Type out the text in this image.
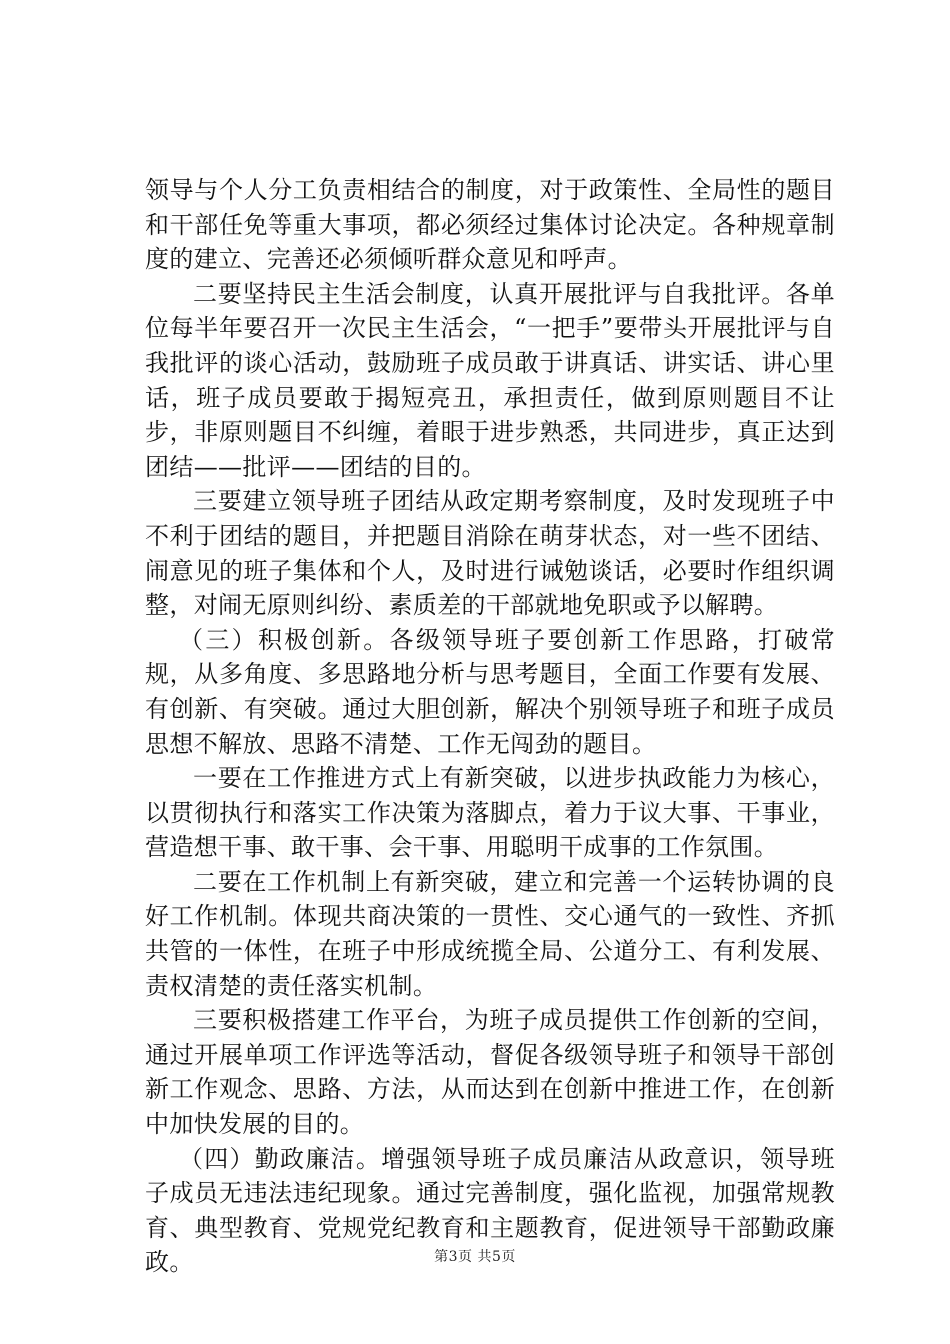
领导与个人分工负责相结合的制度，对于政策性、全局性的题目和干部任免等重大事项，都必须经过集体讨论决定。各种规章制度的建立、完善还必须倾听群众意见和呼声。

二要坚持民主生活会制度，认真开展批评与自我批评。各单位每半年要召开一次民主生活会，“一把手”要带头开展批评与自我批评的谈心活动，鼓励班子成员敢于讲真话、讲实话、讲心里话，班子成员要敢于揭短亮丑，承担责任，做到原则题目不让步，非原则题目不纠缠，着眼于进步熟悉，共同进步，真正达到团结——批评——团结的目的。

三要建立领导班子团结从政定期考察制度，及时发现班子中不利于团结的题目，并把题目消除在萌芽状态，对一些不团结、闹意见的班子集体和个人，及时进行诫勉谈话，必要时作组织调整，对闹无原则纠纷、素质差的干部就地免职或予以解聘。

（三）积极创新。各级领导班子要创新工作思路，打破常规，从多角度、多思路地分析与思考题目，全面工作要有发展、有创新、有突破。通过大胆创新，解决个别领导班子和班子成员思想不解放、思路不清楚、工作无闯劲的题目。

一要在工作推进方式上有新突破，以进步执政能力为核心，以贯彻执行和落实工作决策为落脚点，着力于议大事、干事业，营造想干事、敢干事、会干事、用聪明干成事的工作氛围。

二要在工作机制上有新突破，建立和完善一个运转协调的良好工作机制。体现共商决策的一贯性、交心通气的一致性、齐抓共管的一体性，在班子中形成统揽全局、公道分工、有利发展、责权清楚的责任落实机制。

三要积极搭建工作平台，为班子成员提供工作创新的空间，通过开展单项工作评选等活动，督促各级领导班子和领导干部创新工作观念、思路、方法，从而达到在创新中推进工作，在创新中加快发展的目的。

（四）勤政廉洁。增强领导班子成员廉洁从政意识，领导班子成员无违法违纪现象。通过完善制度，强化监视，加强常规教育、典型教育、党规党纪教育和主题教育，促进领导干部勤政廉政。	第3页 共5页
